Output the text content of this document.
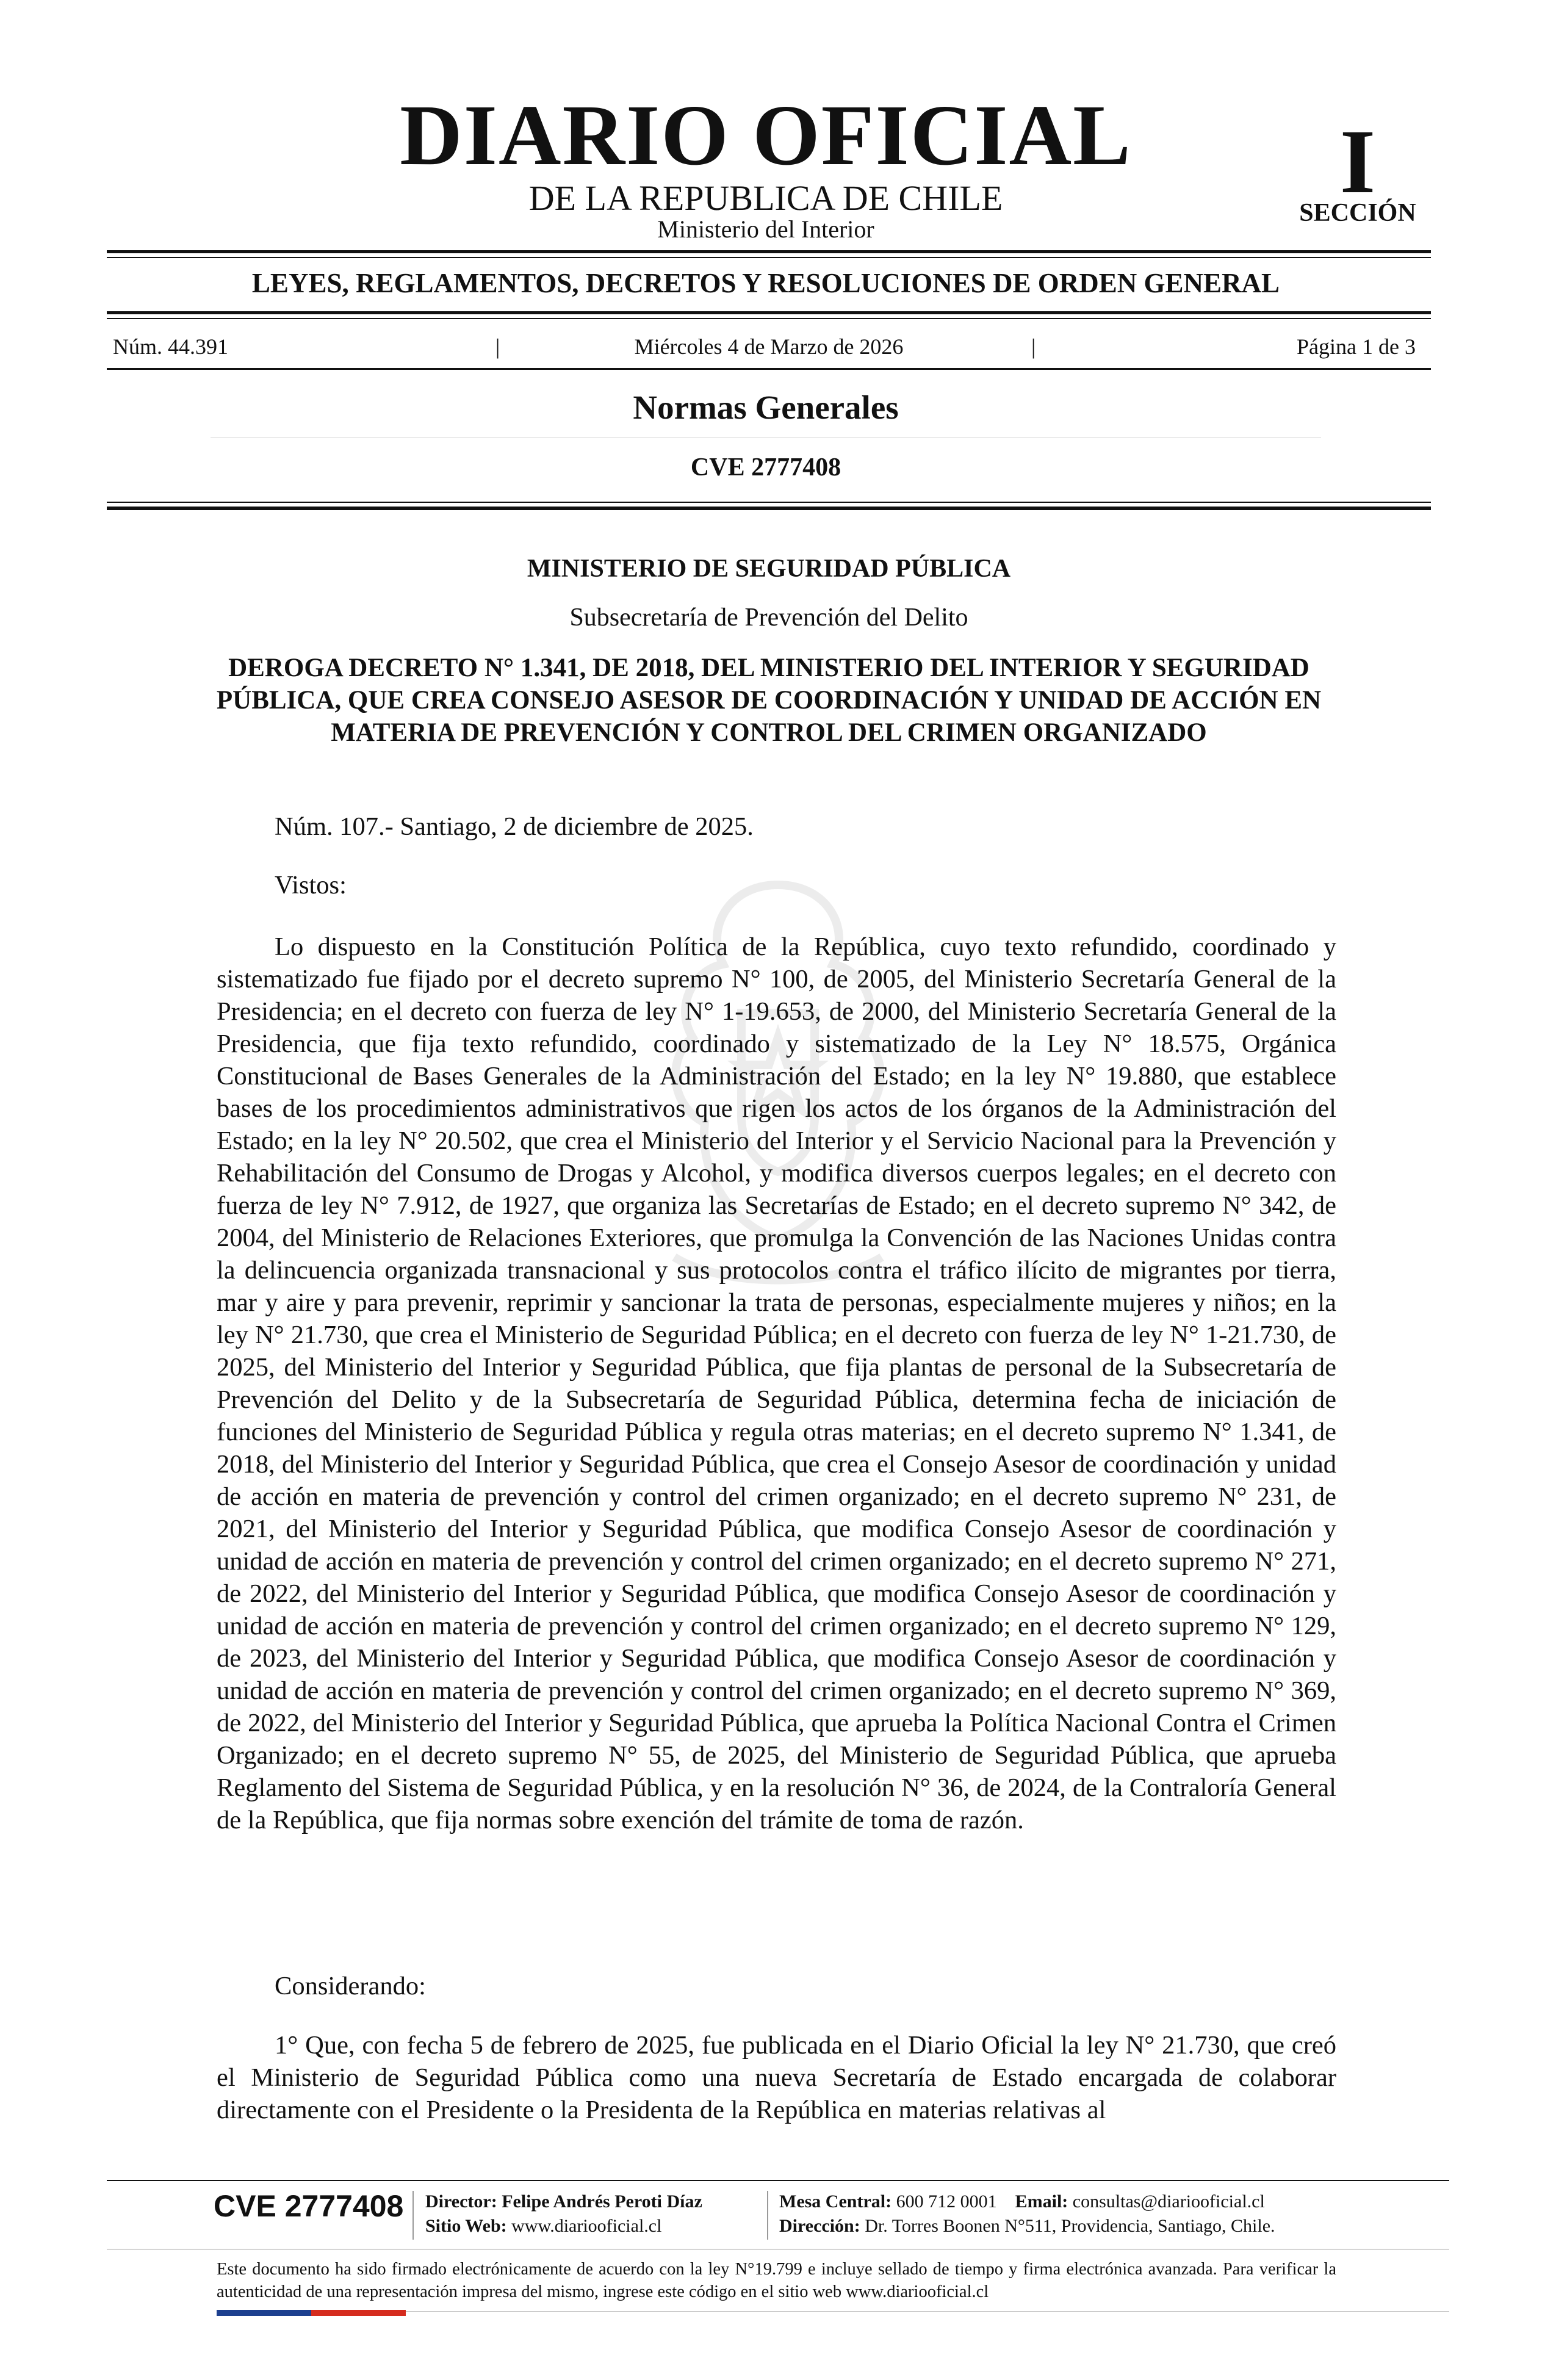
DIARIO OFICIAL
DE LA REPUBLICA DE CHILE
Ministerio del Interior
I
SECCIÓN
LEYES, REGLAMENTOS, DECRETOS Y RESOLUCIONES DE ORDEN GENERAL
Núm. 44.391	|	Miércoles 4 de Marzo de 2026	|	Página 1 de 3
Normas Generales
CVE 2777408
MINISTERIO DE SEGURIDAD PÚBLICA
Subsecretaría de Prevención del Delito
DEROGA DECRETO N° 1.341, DE 2018, DEL MINISTERIO DEL INTERIOR Y SEGURIDAD PÚBLICA, QUE CREA CONSEJO ASESOR DE COORDINACIÓN Y UNIDAD DE ACCIÓN EN MATERIA DE PREVENCIÓN Y CONTROL DEL CRIMEN ORGANIZADO
Núm. 107.- Santiago, 2 de diciembre de 2025.
Vistos:
Lo dispuesto en la Constitución Política de la República, cuyo texto refundido, coordinado y sistematizado fue fijado por el decreto supremo N° 100, de 2005, del Ministerio Secretaría General de la Presidencia; en el decreto con fuerza de ley N° 1-19.653, de 2000, del Ministerio Secretaría General de la Presidencia, que fija texto refundido, coordinado y sistematizado de la Ley N° 18.575, Orgánica Constitucional de Bases Generales de la Administración del Estado; en la ley N° 19.880, que establece bases de los procedimientos administrativos que rigen los actos de los órganos de la Administración del Estado; en la ley N° 20.502, que crea el Ministerio del Interior y el Servicio Nacional para la Prevención y Rehabilitación del Consumo de Drogas y Alcohol, y modifica diversos cuerpos legales; en el decreto con fuerza de ley N° 7.912, de 1927, que organiza las Secretarías de Estado; en el decreto supremo N° 342, de 2004, del Ministerio de Relaciones Exteriores, que promulga la Convención de las Naciones Unidas contra la delincuencia organizada transnacional y sus protocolos contra el tráfico ilícito de migrantes por tierra, mar y aire y para prevenir, reprimir y sancionar la trata de personas, especialmente mujeres y niños; en la ley N° 21.730, que crea el Ministerio de Seguridad Pública; en el decreto con fuerza de ley N° 1-21.730, de 2025, del Ministerio del Interior y Seguridad Pública, que fija plantas de personal de la Subsecretaría de Prevención del Delito y de la Subsecretaría de Seguridad Pública, determina fecha de iniciación de funciones del Ministerio de Seguridad Pública y regula otras materias; en el decreto supremo N° 1.341, de 2018, del Ministerio del Interior y Seguridad Pública, que crea el Consejo Asesor de coordinación y unidad de acción en materia de prevención y control del crimen organizado; en el decreto supremo N° 231, de 2021, del Ministerio del Interior y Seguridad Pública, que modifica Consejo Asesor de coordinación y unidad de acción en materia de prevención y control del crimen organizado; en el decreto supremo N° 271, de 2022, del Ministerio del Interior y Seguridad Pública, que modifica Consejo Asesor de coordinación y unidad de acción en materia de prevención y control del crimen organizado; en el decreto supremo N° 129, de 2023, del Ministerio del Interior y Seguridad Pública, que modifica Consejo Asesor de coordinación y unidad de acción en materia de prevención y control del crimen organizado; en el decreto supremo N° 369, de 2022, del Ministerio del Interior y Seguridad Pública, que aprueba la Política Nacional Contra el Crimen Organizado; en el decreto supremo N° 55, de 2025, del Ministerio de Seguridad Pública, que aprueba Reglamento del Sistema de Seguridad Pública, y en la resolución N° 36, de 2024, de la Contraloría General de la República, que fija normas sobre exención del trámite de toma de razón.
Considerando:
1° Que, con fecha 5 de febrero de 2025, fue publicada en el Diario Oficial la ley N° 21.730, que creó el Ministerio de Seguridad Pública como una nueva Secretaría de Estado encargada de colaborar directamente con el Presidente o la Presidenta de la República en materias relativas al
CVE 2777408	Director: Felipe Andrés Peroti Díaz
Sitio Web: www.diariooficial.cl
Mesa Central: 600 712 0001 Email: consultas@diariooficial.cl
Dirección: Dr. Torres Boonen N°511, Providencia, Santiago, Chile.
Este documento ha sido firmado electrónicamente de acuerdo con la ley N°19.799 e incluye sellado de tiempo y firma electrónica avanzada. Para verificar la autenticidad de una representación impresa del mismo, ingrese este código en el sitio web www.diariooficial.cl
